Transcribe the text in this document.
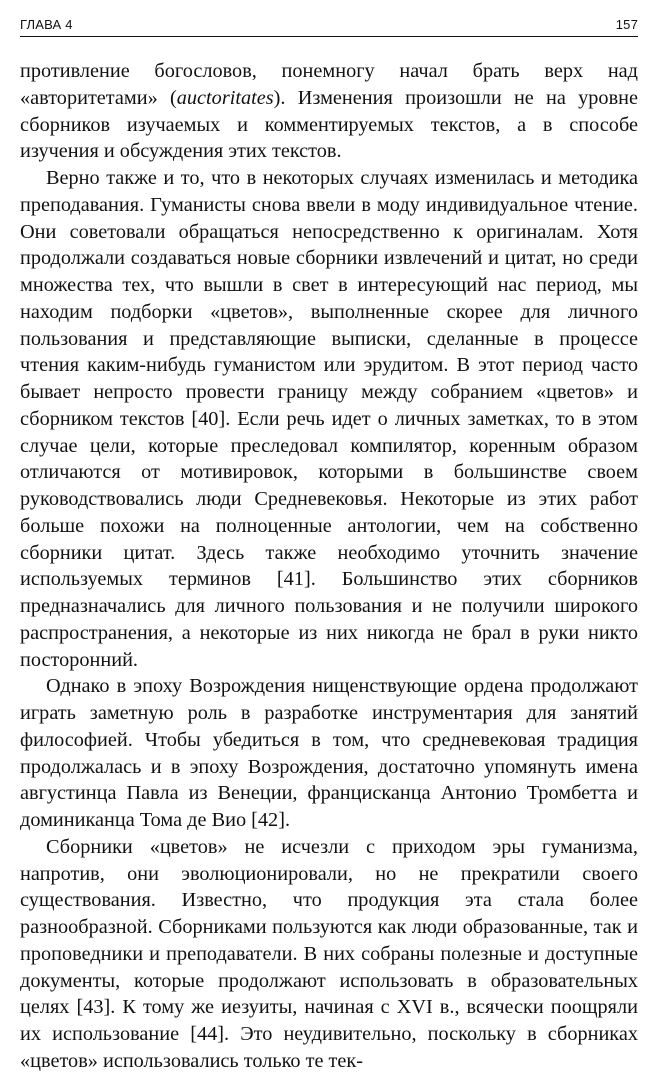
ГЛАВА 4	157

противление богословов, понемногу начал брать верх над «авторитетами» (auctoritates). Изменения произошли не на уровне сборников изучаемых и комментируемых текстов, а в способе изучения и обсуждения этих текстов.

Верно также и то, что в некоторых случаях изменилась и методика преподавания. Гуманисты снова ввели в моду индивидуальное чтение. Они советовали обращаться непосредственно к оригиналам. Хотя продолжали создаваться новые сборники извлечений и цитат, но среди множества тех, что вышли в свет в интересующий нас период, мы находим подборки «цветов», выполненные скорее для личного пользования и представляющие выписки, сделанные в процессе чтения каким-нибудь гуманистом или эрудитом. В этот период часто бывает непросто провести границу между собранием «цветов» и сборником текстов [40]. Если речь идет о личных заметках, то в этом случае цели, которые преследовал компилятор, коренным образом отличаются от мотивировок, которыми в большинстве своем руководствовались люди Средневековья. Некоторые из этих работ больше похожи на полноценные антологии, чем на собственно сборники цитат. Здесь также необходимо уточнить значение используемых терминов [41]. Большинство этих сборников предназначались для личного пользования и не получили широкого распространения, а некоторые из них никогда не брал в руки никто посторонний.

Однако в эпоху Возрождения нищенствующие ордена продолжают играть заметную роль в разработке инструментария для занятий философией. Чтобы убедиться в том, что средневековая традиция продолжалась и в эпоху Возрождения, достаточно упомянуть имена августинца Павла из Венеции, францисканца Антонио Тромбетта и доминиканца Тома де Вио [42].

Сборники «цветов» не исчезли с приходом эры гуманизма, напротив, они эволюционировали, но не прекратили своего существования. Известно, что продукция эта стала более разнообразной. Сборниками пользуются как люди образованные, так и проповедники и преподаватели. В них собраны полезные и доступные документы, которые продолжают использовать в образовательных целях [43]. К тому же иезуиты, начиная с XVI в., всячески поощряли их использование [44]. Это неудивительно, поскольку в сборниках «цветов» использовались только те тек-
